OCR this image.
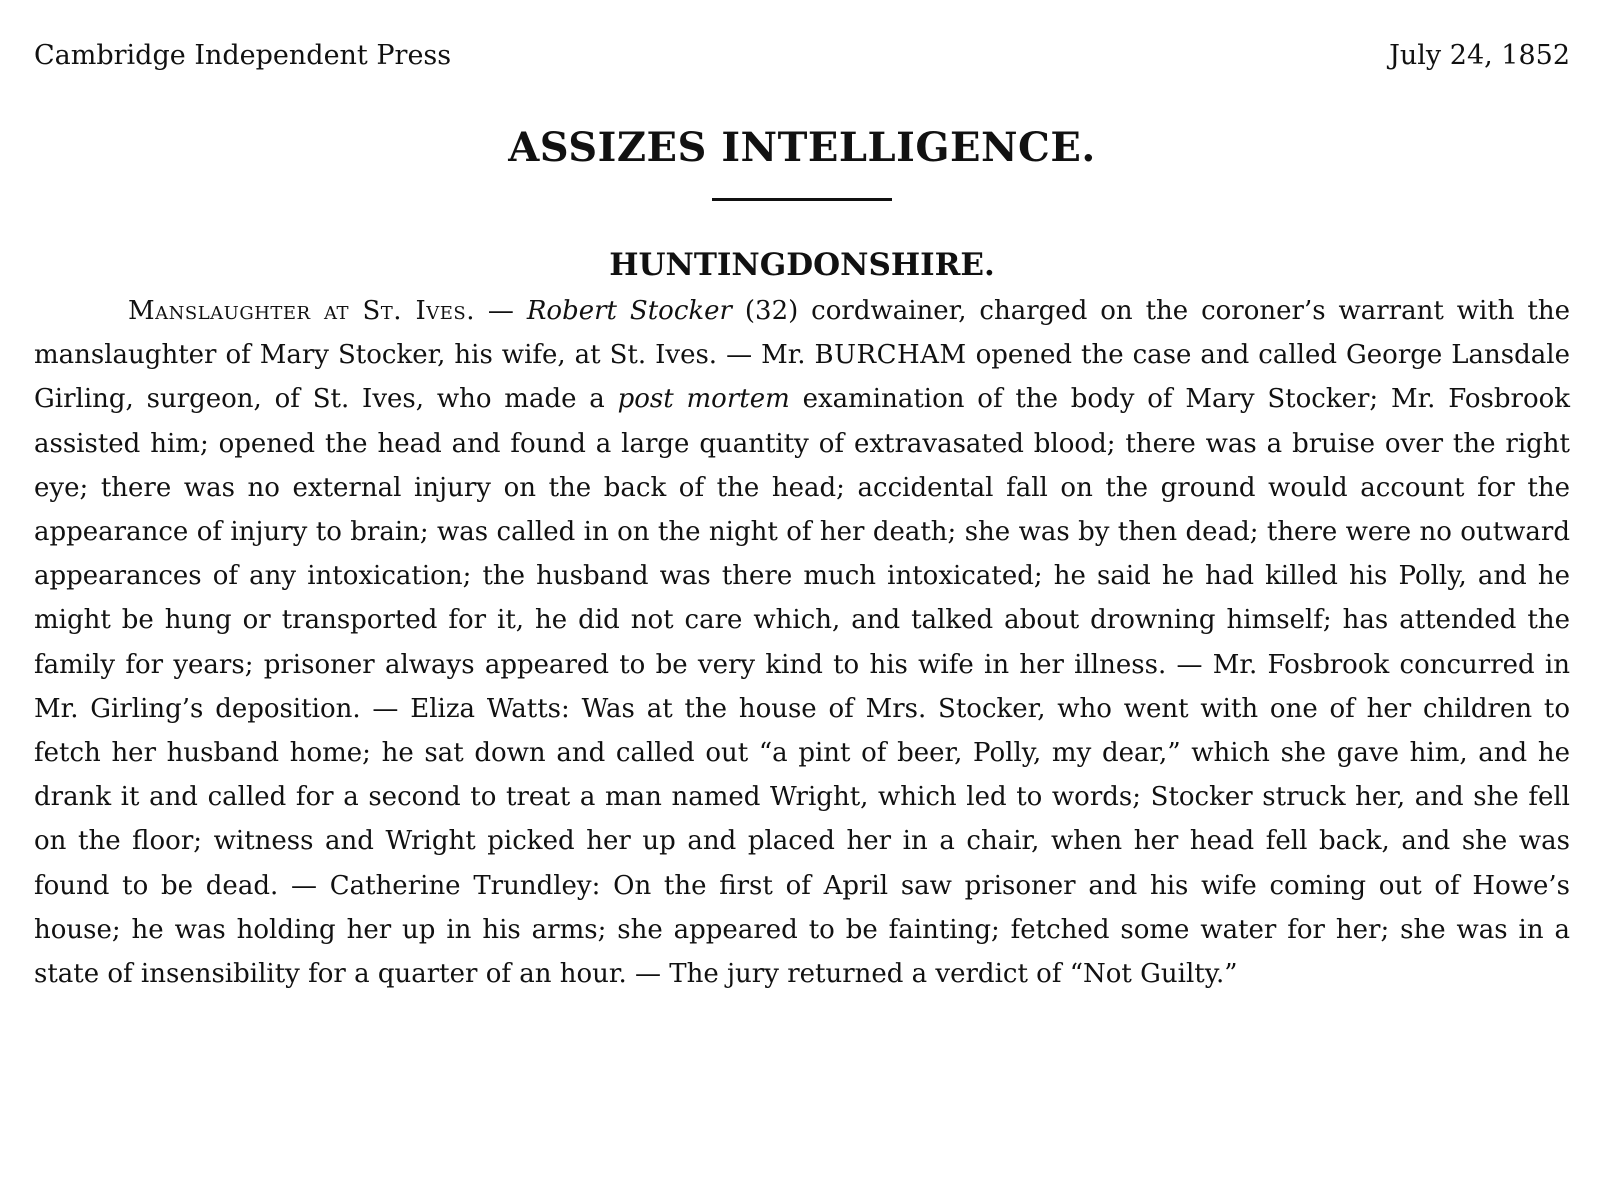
Cambridge Independent Press	July 24, 1852
ASSIZES INTELLIGENCE.
HUNTINGDONSHIRE.

Manslaughter at St. Ives. — Robert Stocker (32) cordwainer, charged on the coroner’s warrant with the manslaughter of Mary Stocker, his wife, at St. Ives. — Mr. BURCHAM opened the case and called George Lansdale Girling, surgeon, of St. Ives, who made a post mortem examination of the body of Mary Stocker; Mr. Fosbrook assisted him; opened the head and found a large quantity of extravasated blood; there was a bruise over the right eye; there was no external injury on the back of the head; accidental fall on the ground would account for the appearance of injury to brain; was called in on the night of her death; she was by then dead; there were no outward appearances of any intoxication; the husband was there much intoxicated; he said he had killed his Polly, and he might be hung or transported for it, he did not care which, and talked about drowning himself; has attended the family for years; prisoner always appeared to be very kind to his wife in her illness. — Mr. Fosbrook concurred in Mr. Girling’s deposition. — Eliza Watts: Was at the house of Mrs. Stocker, who went with one of her children to fetch her husband home; he sat down and called out “a pint of beer, Polly, my dear,” which she gave him, and he drank it and called for a second to treat a man named Wright, which led to words; Stocker struck her, and she fell on the floor; witness and Wright picked her up and placed her in a chair, when her head fell back, and she was found to be dead. — Catherine Trundley: On the first of April saw prisoner and his wife coming out of Howe’s house; he was holding her up in his arms; she appeared to be fainting; fetched some water for her; she was in a state of insensibility for a quarter of an hour. — The jury returned a verdict of “Not Guilty.”
